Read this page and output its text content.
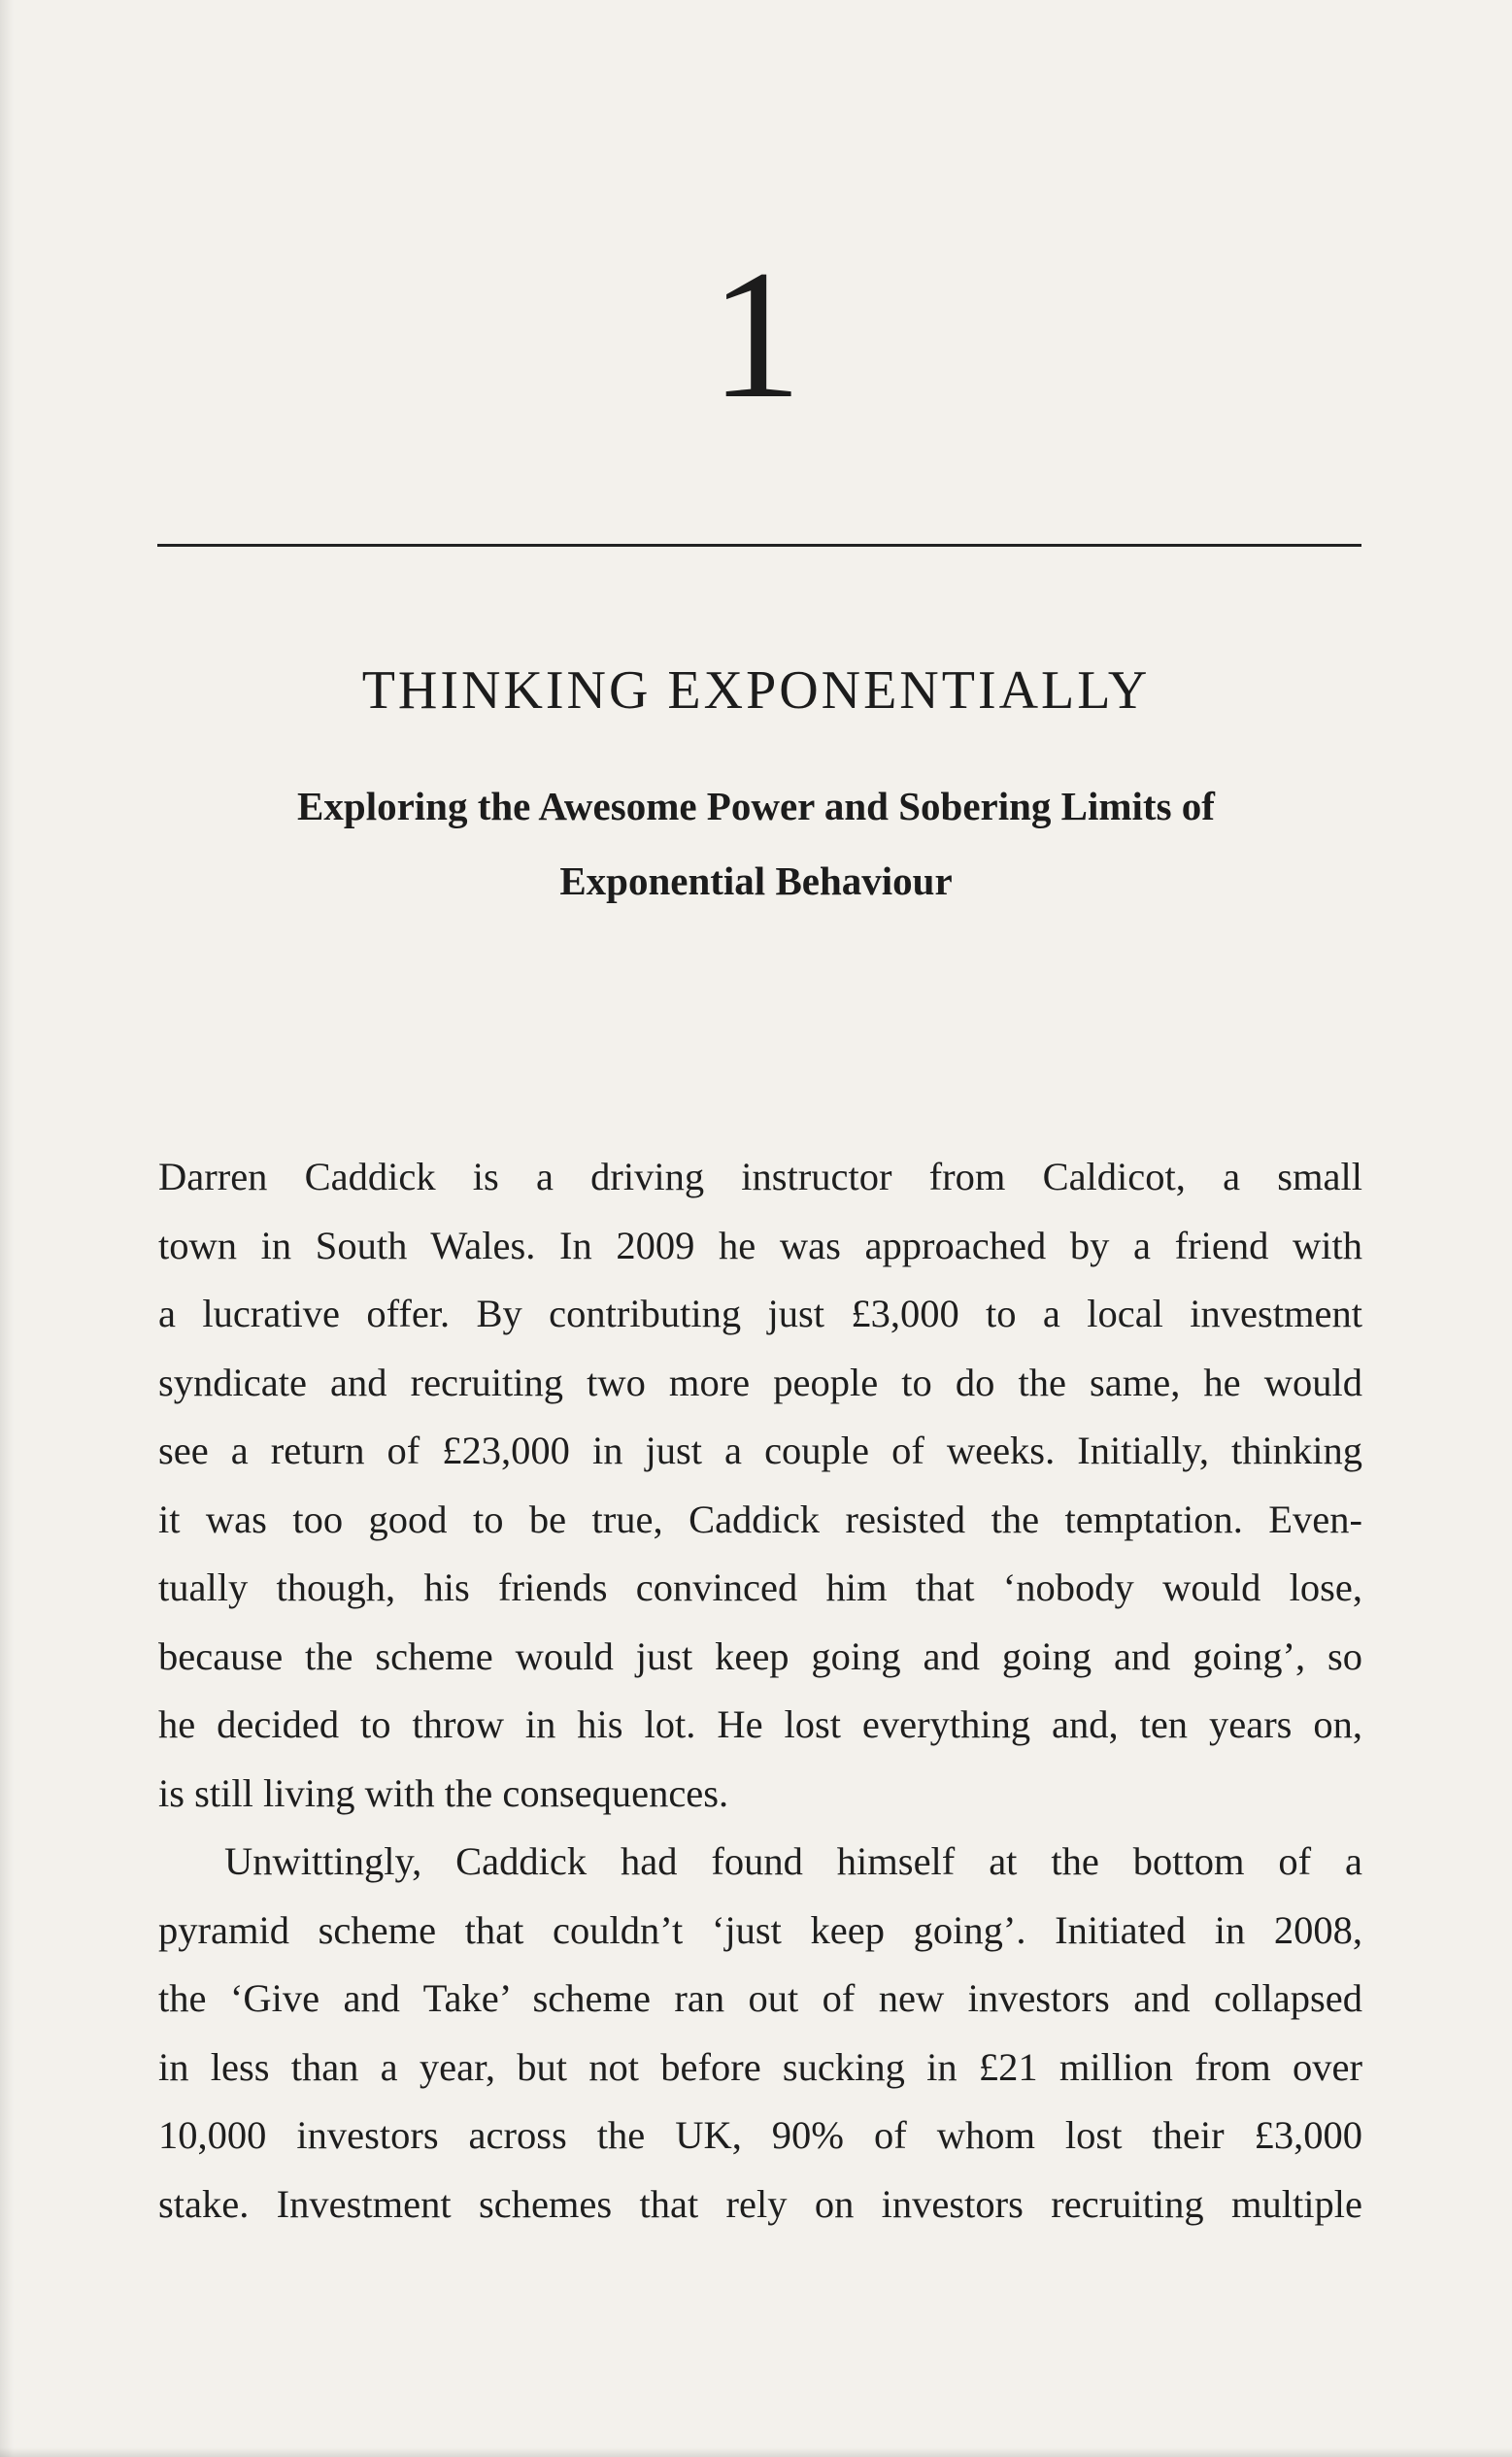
1
THINKING EXPONENTIALLY
Exploring the Awesome Power and Sobering Limits of
Exponential Behaviour
Darren Caddick is a driving instructor from Caldicot, a small
town in South Wales. In 2009 he was approached by a friend with
a lucrative offer. By contributing just £3,000 to a local investment
syndicate and recruiting two more people to do the same, he would
see a return of £23,000 in just a couple of weeks. Initially, thinking
it was too good to be true, Caddick resisted the temptation. Even-
tually though, his friends convinced him that ‘nobody would lose,
because the scheme would just keep going and going and going’, so
he decided to throw in his lot. He lost everything and, ten years on,
is still living with the consequences.
Unwittingly, Caddick had found himself at the bottom of a
pyramid scheme that couldn’t ‘just keep going’. Initiated in 2008,
the ‘Give and Take’ scheme ran out of new investors and collapsed
in less than a year, but not before sucking in £21 million from over
10,000 investors across the UK, 90% of whom lost their £3,000
stake. Investment schemes that rely on investors recruiting multiple
